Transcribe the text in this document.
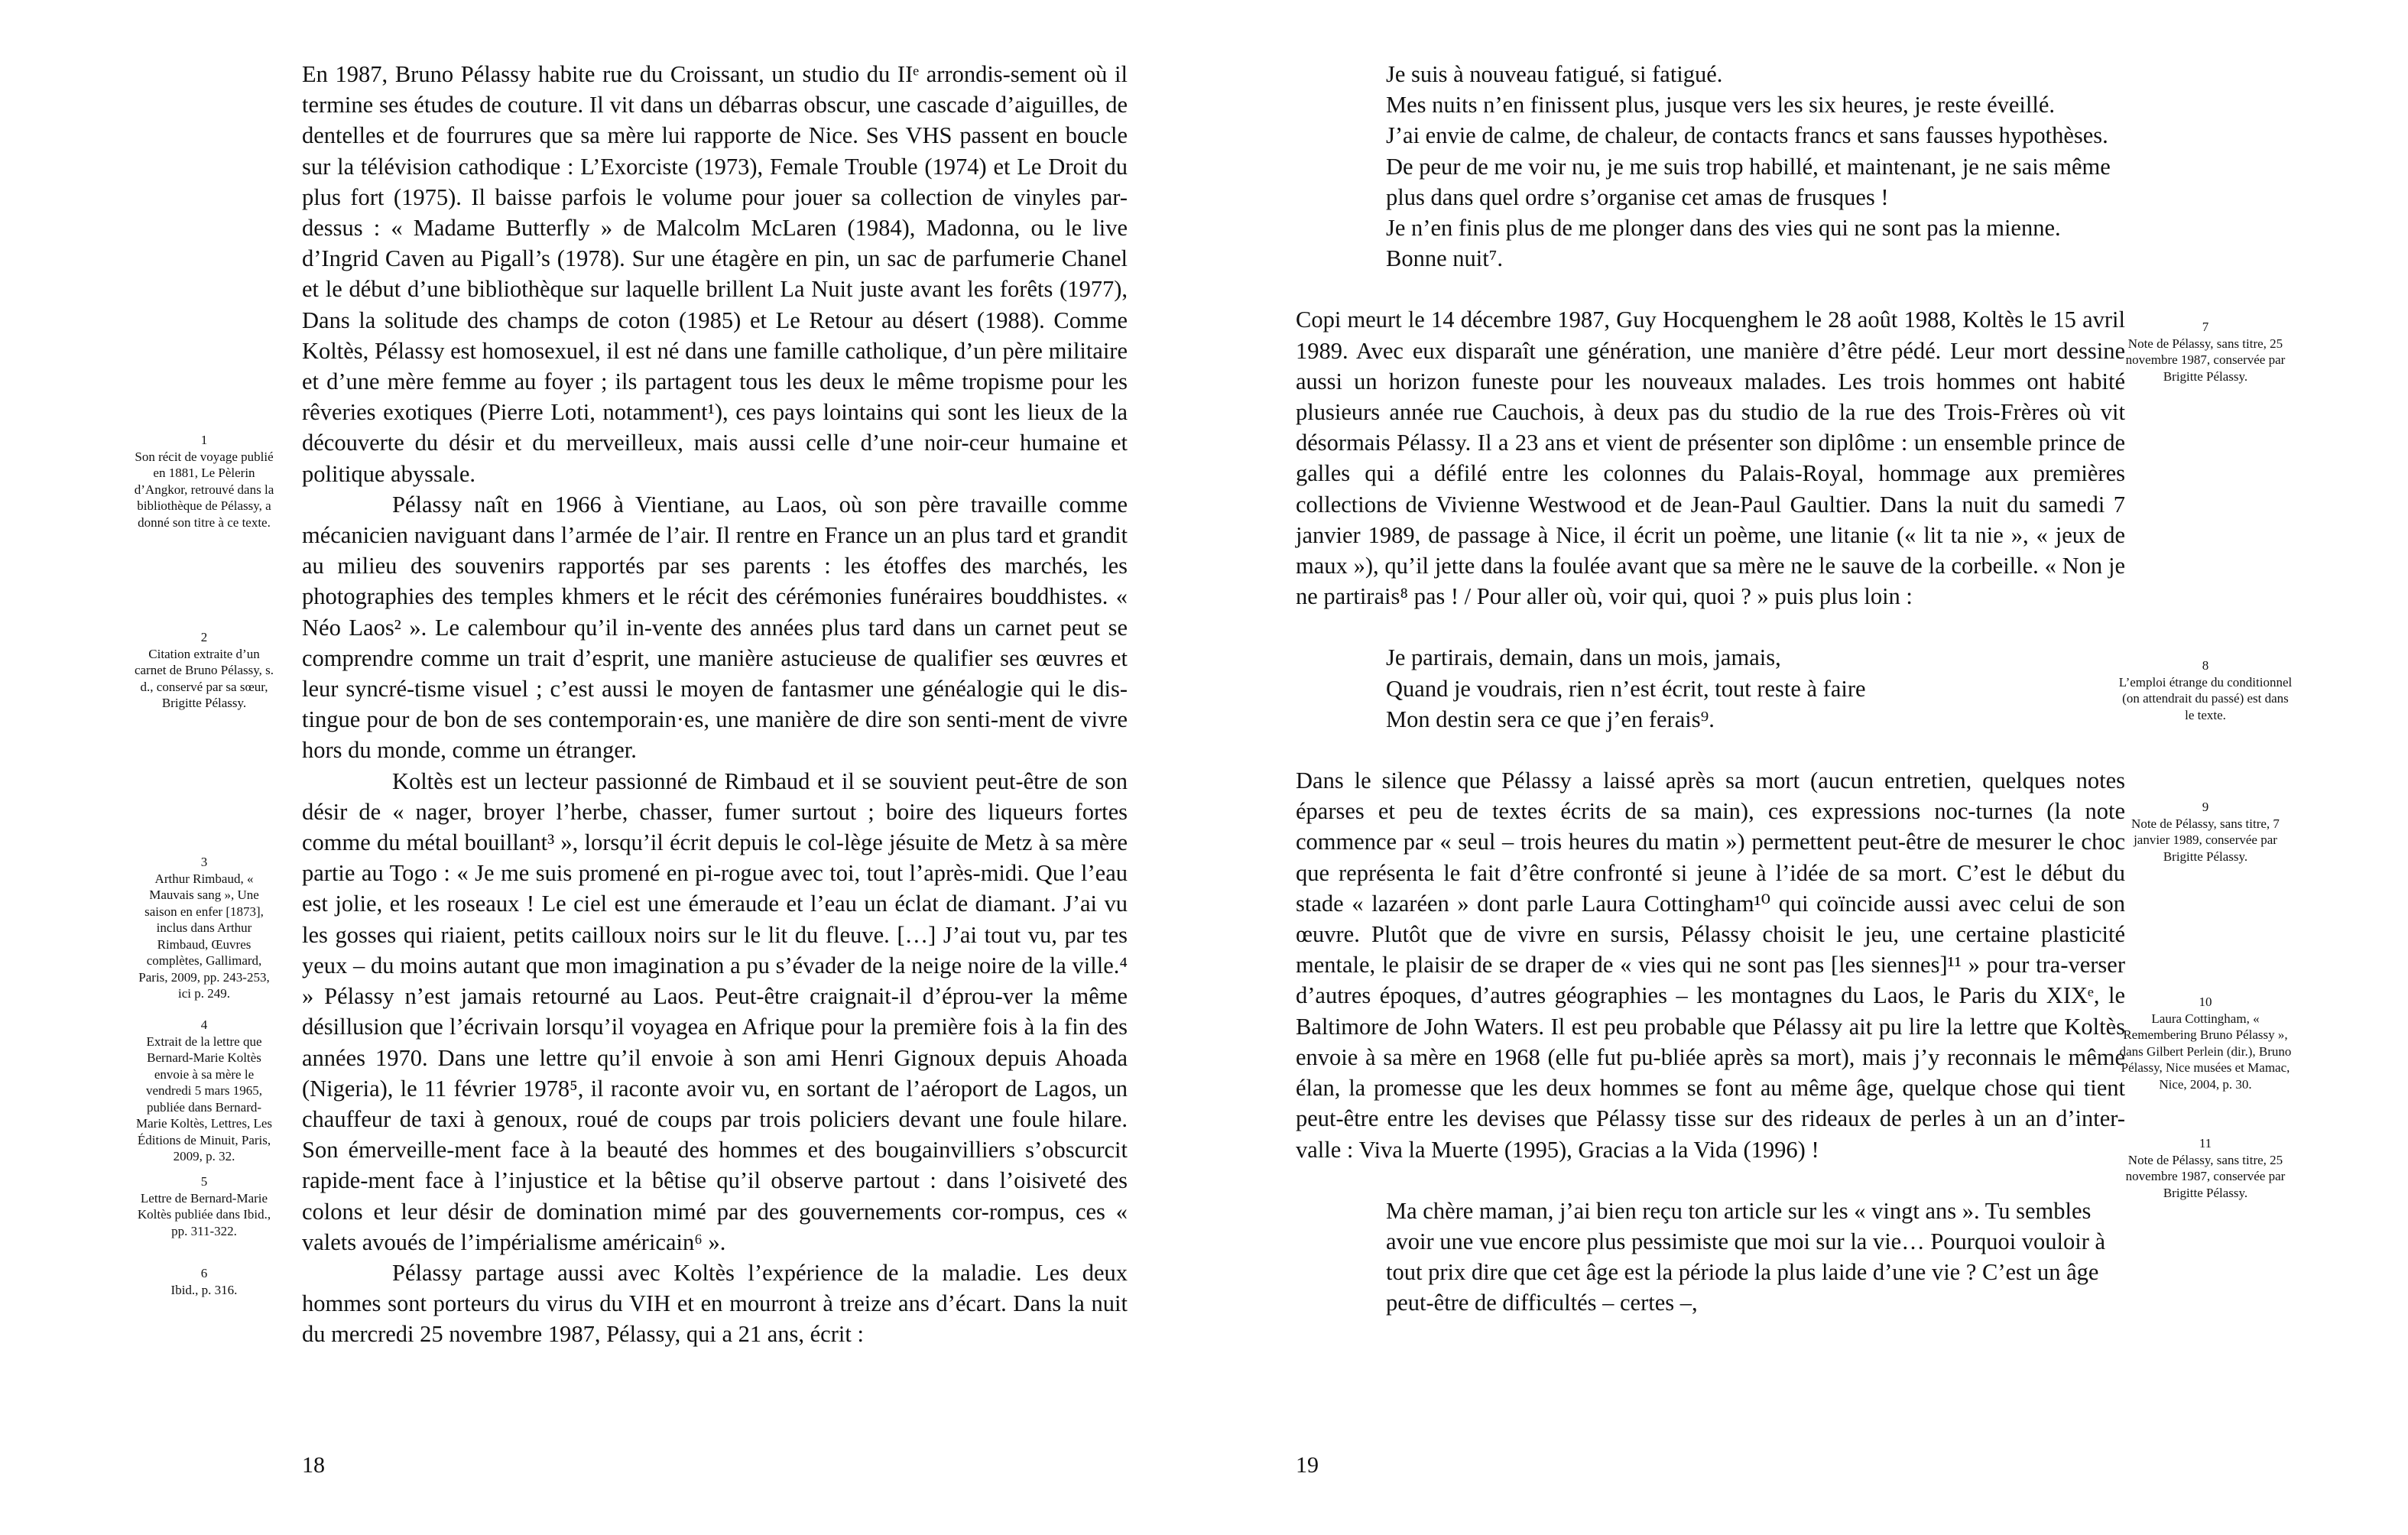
En 1987, Bruno Pélassy habite rue du Croissant, un studio du IIᵉ arrondis-sement où il termine ses études de couture. Il vit dans un débarras obscur, une cascade d’aiguilles, de dentelles et de fourrures que sa mère lui rapporte de Nice. Ses VHS passent en boucle sur la télévision cathodique : L’Exorciste (1973), Female Trouble (1974) et Le Droit du plus fort (1975). Il baisse parfois le volume pour jouer sa collection de vinyles par-dessus : « Madame Butterfly » de Malcolm McLaren (1984), Madonna, ou le live d’Ingrid Caven au Pigall’s (1978). Sur une étagère en pin, un sac de parfumerie Chanel et le début d’une bibliothèque sur laquelle brillent La Nuit juste avant les forêts (1977), Dans la solitude des champs de coton (1985) et Le Retour au désert (1988). Comme Koltès, Pélassy est homosexuel, il est né dans une famille catholique, d’un père militaire et d’une mère femme au foyer ; ils partagent tous les deux le même tropisme pour les rêveries exotiques (Pierre Loti, notamment¹), ces pays lointains qui sont les lieux de la découverte du désir et du merveilleux, mais aussi celle d’une noir-ceur humaine et politique abyssale.

Pélassy naît en 1966 à Vientiane, au Laos, où son père travaille comme mécanicien naviguant dans l’armée de l’air. Il rentre en France un an plus tard et grandit au milieu des souvenirs rapportés par ses parents : les étoffes des marchés, les photographies des temples khmers et le récit des cérémonies funéraires bouddhistes. « Néo Laos² ». Le calembour qu’il in-vente des années plus tard dans un carnet peut se comprendre comme un trait d’esprit, une manière astucieuse de qualifier ses œuvres et leur syncré-tisme visuel ; c’est aussi le moyen de fantasmer une généalogie qui le dis-tingue pour de bon de ses contemporain·es, une manière de dire son senti-ment de vivre hors du monde, comme un étranger.

Koltès est un lecteur passionné de Rimbaud et il se souvient peut-être de son désir de « nager, broyer l’herbe, chasser, fumer surtout ; boire des liqueurs fortes comme du métal bouillant³ », lorsqu’il écrit depuis le col-lège jésuite de Metz à sa mère partie au Togo : « Je me suis promené en pi-rogue avec toi, tout l’après-midi. Que l’eau est jolie, et les roseaux ! Le ciel est une émeraude et l’eau un éclat de diamant. J’ai vu les gosses qui riaient, petits cailloux noirs sur le lit du fleuve. […] J’ai tout vu, par tes yeux – du moins autant que mon imagination a pu s’évader de la neige noire de la ville.⁴ » Pélassy n’est jamais retourné au Laos. Peut-être craignait-il d’éprou-ver la même désillusion que l’écrivain lorsqu’il voyagea en Afrique pour la première fois à la fin des années 1970. Dans une lettre qu’il envoie à son ami Henri Gignoux depuis Ahoada (Nigeria), le 11 février 1978⁵, il raconte avoir vu, en sortant de l’aéroport de Lagos, un chauffeur de taxi à genoux, roué de coups par trois policiers devant une foule hilare. Son émerveille-ment face à la beauté des hommes et des bougainvilliers s’obscurcit rapide-ment face à l’injustice et la bêtise qu’il observe partout : dans l’oisiveté des colons et leur désir de domination mimé par des gouvernements cor-rompus, ces « valets avoués de l’impérialisme américain⁶ ».

Pélassy partage aussi avec Koltès l’expérience de la maladie. Les deux hommes sont porteurs du virus du VIH et en mourront à treize ans d’écart. Dans la nuit du mercredi 25 novembre 1987, Pélassy, qui a 21 ans, écrit :

1
Son récit de voyage publié en 1881, Le Pèlerin d’Angkor, retrouvé dans la bibliothèque de Pélassy, a donné son titre à ce texte.
2
Citation extraite d’un carnet de Bruno Pélassy, s. d., conservé par sa sœur, Brigitte Pélassy.
3
Arthur Rimbaud, « Mauvais sang », Une saison en enfer [1873], inclus dans Arthur Rimbaud, Œuvres complètes, Gallimard, Paris, 2009, pp. 243-253, ici p. 249.
4
Extrait de la lettre que Bernard-Marie Koltès envoie à sa mère le vendredi 5 mars 1965, publiée dans Bernard-Marie Koltès, Lettres, Les Éditions de Minuit, Paris, 2009, p. 32.
5
Lettre de Bernard-Marie Koltès publiée dans Ibid., pp. 311-322.
6
Ibid., p. 316.
18

Je suis à nouveau fatigué, si fatigué.

Mes nuits n’en finissent plus, jusque vers les six heures, je reste éveillé.

J’ai envie de calme, de chaleur, de contacts francs et sans fausses hypothèses.

De peur de me voir nu, je me suis trop habillé, et maintenant, je ne sais même plus dans quel ordre s’organise cet amas de frusques !

Je n’en finis plus de me plonger dans des vies qui ne sont pas la mienne.

Bonne nuit⁷.

Copi meurt le 14 décembre 1987, Guy Hocquenghem le 28 août 1988, Koltès le 15 avril 1989. Avec eux disparaît une génération, une manière d’être pédé. Leur mort dessine aussi un horizon funeste pour les nouveaux malades. Les trois hommes ont habité plusieurs année rue Cauchois, à deux pas du studio de la rue des Trois-Frères où vit désormais Pélassy. Il a 23 ans et vient de présenter son diplôme : un ensemble prince de galles qui a défilé entre les colonnes du Palais-Royal, hommage aux premières collections de Vivienne Westwood et de Jean-Paul Gaultier. Dans la nuit du samedi 7 janvier 1989, de passage à Nice, il écrit un poème, une litanie (« lit ta nie », « jeux de maux »), qu’il jette dans la foulée avant que sa mère ne le sauve de la corbeille. « Non je ne partirais⁸ pas ! / Pour aller où, voir qui, quoi ? » puis plus loin :

Je partirais, demain, dans un mois, jamais,

Quand je voudrais, rien n’est écrit, tout reste à faire

Mon destin sera ce que j’en ferais⁹.

Dans le silence que Pélassy a laissé après sa mort (aucun entretien, quelques notes éparses et peu de textes écrits de sa main), ces expressions noc-turnes (la note commence par « seul – trois heures du matin ») permettent peut-être de mesurer le choc que représenta le fait d’être confronté si jeune à l’idée de sa mort. C’est le début du stade « lazaréen » dont parle Laura Cottingham¹⁰ qui coïncide aussi avec celui de son œuvre. Plutôt que de vivre en sursis, Pélassy choisit le jeu, une certaine plasticité mentale, le plaisir de se draper de « vies qui ne sont pas [les siennes]¹¹ » pour tra-verser d’autres époques, d’autres géographies – les montagnes du Laos, le Paris du XIXᵉ, le Baltimore de John Waters. Il est peu probable que Pélassy ait pu lire la lettre que Koltès envoie à sa mère en 1968 (elle fut pu-bliée après sa mort), mais j’y reconnais le même élan, la promesse que les deux hommes se font au même âge, quelque chose qui tient peut-être entre les devises que Pélassy tisse sur des rideaux de perles à un an d’inter-valle : Viva la Muerte (1995), Gracias a la Vida (1996) !

Ma chère maman, j’ai bien reçu ton article sur les « vingt ans ». Tu sembles avoir une vue encore plus pessimiste que moi sur la vie… Pourquoi vouloir à tout prix dire que cet âge est la période la plus laide d’une vie ? C’est un âge peut-être de difficultés – certes –,

7
Note de Pélassy, sans titre, 25 novembre 1987, conservée par Brigitte Pélassy.
8
L’emploi étrange du conditionnel (on attendrait du passé) est dans le texte.
9
Note de Pélassy, sans titre, 7 janvier 1989, conservée par Brigitte Pélassy.
10
Laura Cottingham, « Remembering Bruno Pélassy », dans Gilbert Perlein (dir.), Bruno Pélassy, Nice musées et Mamac, Nice, 2004, p. 30.
11
Note de Pélassy, sans titre, 25 novembre 1987, conservée par Brigitte Pélassy.
19
